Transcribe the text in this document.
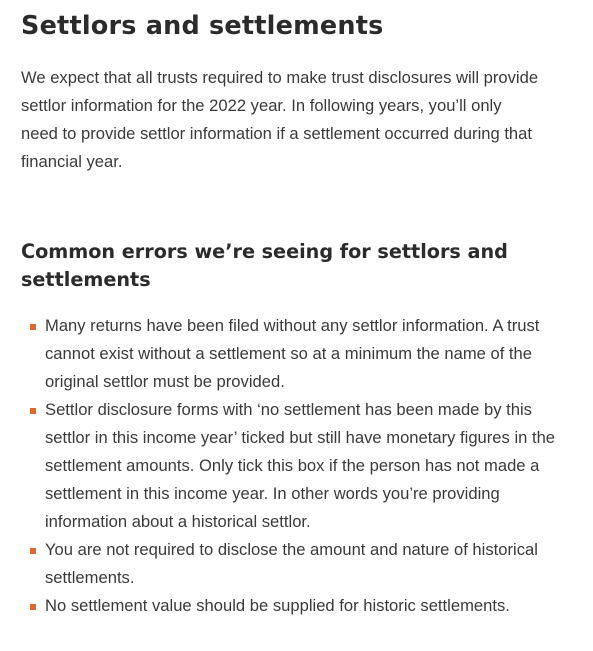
Settlors and settlements

We expect that all trusts required to make trust disclosures will provide settlor information for the 2022 year. In following years, you’ll only need to provide settlor information if a settlement occurred during that financial year.

Common errors we’re seeing for settlors and settlements
Many returns have been filed without any settlor information. A trust cannot exist without a settlement so at a minimum the name of the original settlor must be provided.
Settlor disclosure forms with ‘no settlement has been made by this settlor in this income year’ ticked but still have monetary figures in the settlement amounts. Only tick this box if the person has not made a settlement in this income year. In other words you’re providing information about a historical settlor.
You are not required to disclose the amount and nature of historical settlements.
No settlement value should be supplied for historic settlements.
